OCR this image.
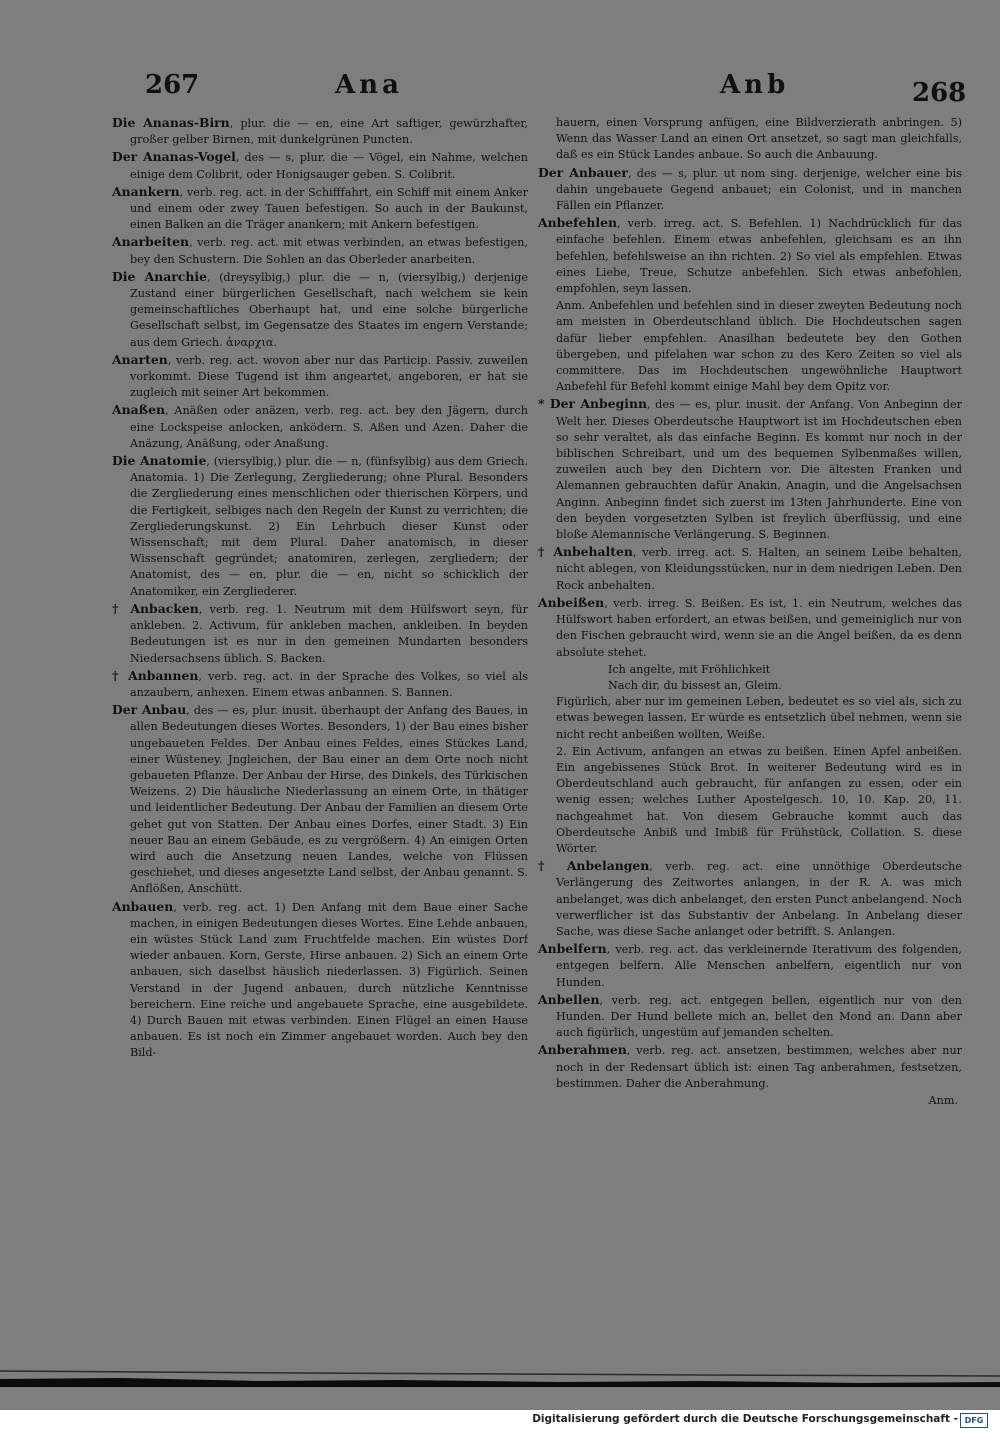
267	Ana	Anb	268

Die Ananas-Birn, plur. die — en, eine Art saftiger, gewürzhafter, großer gelber Birnen, mit dunkelgrünen Puncten.

Der Ananas-Vogel, des — s, plur. die — Vögel, ein Nahme, welchen einige dem Colibrit, oder Honigsauger geben. S. Colibrit.

Anankern, verb. reg. act. in der Schifffahrt, ein Schiff mit einem Anker und einem oder zwey Tauen befestigen. So auch in der Baukunst, einen Balken an die Träger anankern; mit Ankern befestigen.

Anarbeiten, verb. reg. act. mit etwas verbinden, an etwas befestigen, bey den Schustern. Die Sohlen an das Oberleder anarbeiten.

Die Anarchie, (dreysylbig,) plur. die — n, (viersylbig,) derjenige Zustand einer bürgerlichen Gesellschaft, nach welchem sie kein gemeinschaftliches Oberhaupt hat, und eine solche bürgerliche Gesellschaft selbst, im Gegensatze des Staates im engern Verstande; aus dem Griech. ἀναρχια.

Anarten, verb. reg. act. wovon aber nur das Particip. Passiv. zuweilen vorkommt. Diese Tugend ist ihm angeartet, angeboren, er hat sie zugleich mit seiner Art bekommen.

Anaßen, Anäßen oder anäzen, verb. reg. act. bey den Jägern, durch eine Lockspeise anlocken, anködern. S. Aßen und Azen. Daher die Anäzung, Anäßung, oder Anaßung.

Die Anatomie, (viersylbig,) plur. die — n, (fünfsylbig) aus dem Griech. Anatomia. 1) Die Zerlegung, Zergliederung; ohne Plural. Besonders die Zergliederung eines menschlichen oder thierischen Körpers, und die Fertigkeit, selbiges nach den Regeln der Kunst zu verrichten; die Zergliederungskunst. 2) Ein Lehrbuch dieser Kunst oder Wissenschaft; mit dem Plural. Daher anatomisch, in dieser Wissenschaft gegründet; anatomiren, zerlegen, zergliedern; der Anatomist, des — en, plur. die — en, nicht so schicklich der Anatomiker, ein Zergliederer.

† Anbacken, verb. reg. 1. Neutrum mit dem Hülfswort seyn, für ankleben. 2. Activum, für ankleben machen, ankleiben. In beyden Bedeutungen ist es nur in den gemeinen Mundarten besonders Niedersachsens üblich. S. Backen.

† Anbannen, verb. reg. act. in der Sprache des Volkes, so viel als anzaubern, anhexen. Einem etwas anbannen. S. Bannen.

Der Anbau, des — es, plur. inusit. überhaupt der Anfang des Baues, in allen Bedeutungen dieses Wortes. Besonders, 1) der Bau eines bisher ungebaueten Feldes. Der Anbau eines Feldes, eines Stückes Land, einer Wüsteney. Jngleichen, der Bau einer an dem Orte noch nicht gebaueten Pflanze. Der Anbau der Hirse, des Dinkels, des Türkischen Weizens. 2) Die häusliche Niederlassung an einem Orte, in thätiger und leidentlicher Bedeutung. Der Anbau der Familien an diesem Orte gehet gut von Statten. Der Anbau eines Dorfes, einer Stadt. 3) Ein neuer Bau an einem Gebäude, es zu vergrößern. 4) An einigen Orten wird auch die Ansetzung neuen Landes, welche von Flüssen geschiehet, und dieses angesetzte Land selbst, der Anbau genannt. S. Anflößen, Anschütt.

Anbauen, verb. reg. act. 1) Den Anfang mit dem Baue einer Sache machen, in einigen Bedeutungen dieses Wortes. Eine Lehde anbauen, ein wüstes Stück Land zum Fruchtfelde machen. Ein wüstes Dorf wieder anbauen. Korn, Gerste, Hirse anbauen. 2) Sich an einem Orte anbauen, sich daselbst häuslich niederlassen. 3) Figürlich. Seinen Verstand in der Jugend anbauen, durch nützliche Kenntnisse bereichern. Eine reiche und angebauete Sprache, eine ausgebildete. 4) Durch Bauen mit etwas verbinden. Einen Flügel an einen Hause anbauen. Es ist noch ein Zimmer angebauet worden. Auch bey den Bild-

hauern, einen Vorsprung anfügen, eine Bildverzierath anbringen. 5) Wenn das Wasser Land an einen Ort ansetzet, so sagt man gleichfalls, daß es ein Stück Landes anbaue. So auch die Anbauung.

Der Anbauer, des — s, plur. ut nom sing. derjenige, welcher eine bis dahin ungebauete Gegend anbauet; ein Colonist, und in manchen Fällen ein Pflanzer.

Anbefehlen, verb. irreg. act. S. Befehlen. 1) Nachdrücklich für das einfache befehlen. Einem etwas anbefehlen, gleichsam es an ihn befehlen, befehlsweise an ihn richten. 2) So viel als empfehlen. Etwas eines Liebe, Treue, Schutze anbefehlen. Sich etwas anbefohlen, empfohlen, seyn lassen.

Anm. Anbefehlen und befehlen sind in dieser zweyten Bedeutung noch am meisten in Oberdeutschland üblich. Die Hochdeutschen sagen dafür lieber empfehlen. Anasilhan bedeutete bey den Gothen übergeben, und pifelahen war schon zu des Kero Zeiten so viel als committere. Das im Hochdeutschen ungewöhnliche Hauptwort Anbefehl für Befehl kommt einige Mahl bey dem Opitz vor.

* Der Anbeginn, des — es, plur. inusit. der Anfang. Von Anbeginn der Welt her. Dieses Oberdeutsche Hauptwort ist im Hochdeutschen eben so sehr veraltet, als das einfache Beginn. Es kommt nur noch in der biblischen Schreibart, und um des bequemen Sylbenmaßes willen, zuweilen auch bey den Dichtern vor. Die ältesten Franken und Alemannen gebrauchten dafür Anakin, Anagin, und die Angelsachsen Anginn. Anbeginn findet sich zuerst im 13ten Jahrhunderte. Eine von den beyden vorgesetzten Sylben ist freylich überflüssig, und eine bloße Alemannische Verlängerung. S. Beginnen.

† Anbehalten, verb. irreg. act. S. Halten, an seinem Leibe behalten, nicht ablegen, von Kleidungsstücken, nur in dem niedrigen Leben. Den Rock anbehalten.

Anbeißen, verb. irreg. S. Beißen. Es ist, 1. ein Neutrum, welches das Hülfswort haben erfordert, an etwas beißen, und gemeiniglich nur von den Fischen gebraucht wird, wenn sie an die Angel beißen, da es denn absolute stehet.

Ich angelte, mit Fröhlichkeit

Nach dir, du bissest an, Gleim.

Figürlich, aber nur im gemeinen Leben, bedeutet es so viel als, sich zu etwas bewegen lassen. Er würde es entsetzlich übel nehmen, wenn sie nicht recht anbeißen wollten, Weiße.

2. Ein Activum, anfangen an etwas zu beißen. Einen Apfel anbeißen. Ein angebissenes Stück Brot. In weiterer Bedeutung wird es in Oberdeutschland auch gebraucht, für anfangen zu essen, oder ein wenig essen; welches Luther Apostelgesch. 10, 10. Kap. 20, 11. nachgeahmet hat. Von diesem Gebrauche kommt auch das Oberdeutsche Anbiß und Imbiß für Frühstück, Collation. S. diese Wörter.

† Anbelangen, verb. reg. act. eine unnöthige Oberdeutsche Verlängerung des Zeitwortes anlangen, in der R. A. was mich anbelanget, was dich anbelanget, den ersten Punct anbelangend. Noch verwerflicher ist das Substantiv der Anbelang. In Anbelang dieser Sache, was diese Sache anlanget oder betrifft. S. Anlangen.

Anbelfern, verb. reg. act. das verkleinernde Iterativum des folgenden, entgegen belfern. Alle Menschen anbelfern, eigentlich nur von Hunden.

Anbellen, verb. reg. act. entgegen bellen, eigentlich nur von den Hunden. Der Hund bellete mich an, bellet den Mond an. Dann aber auch figürlich, ungestüm auf jemanden schelten.

Anberahmen, verb. reg. act. ansetzen, bestimmen, welches aber nur noch in der Redensart üblich ist: einen Tag anberahmen, festsetzen, bestimmen. Daher die Anberahmung.

Anm.

Digitalisierung gefördert durch die Deutsche Forschungsgemeinschaft - DFG
